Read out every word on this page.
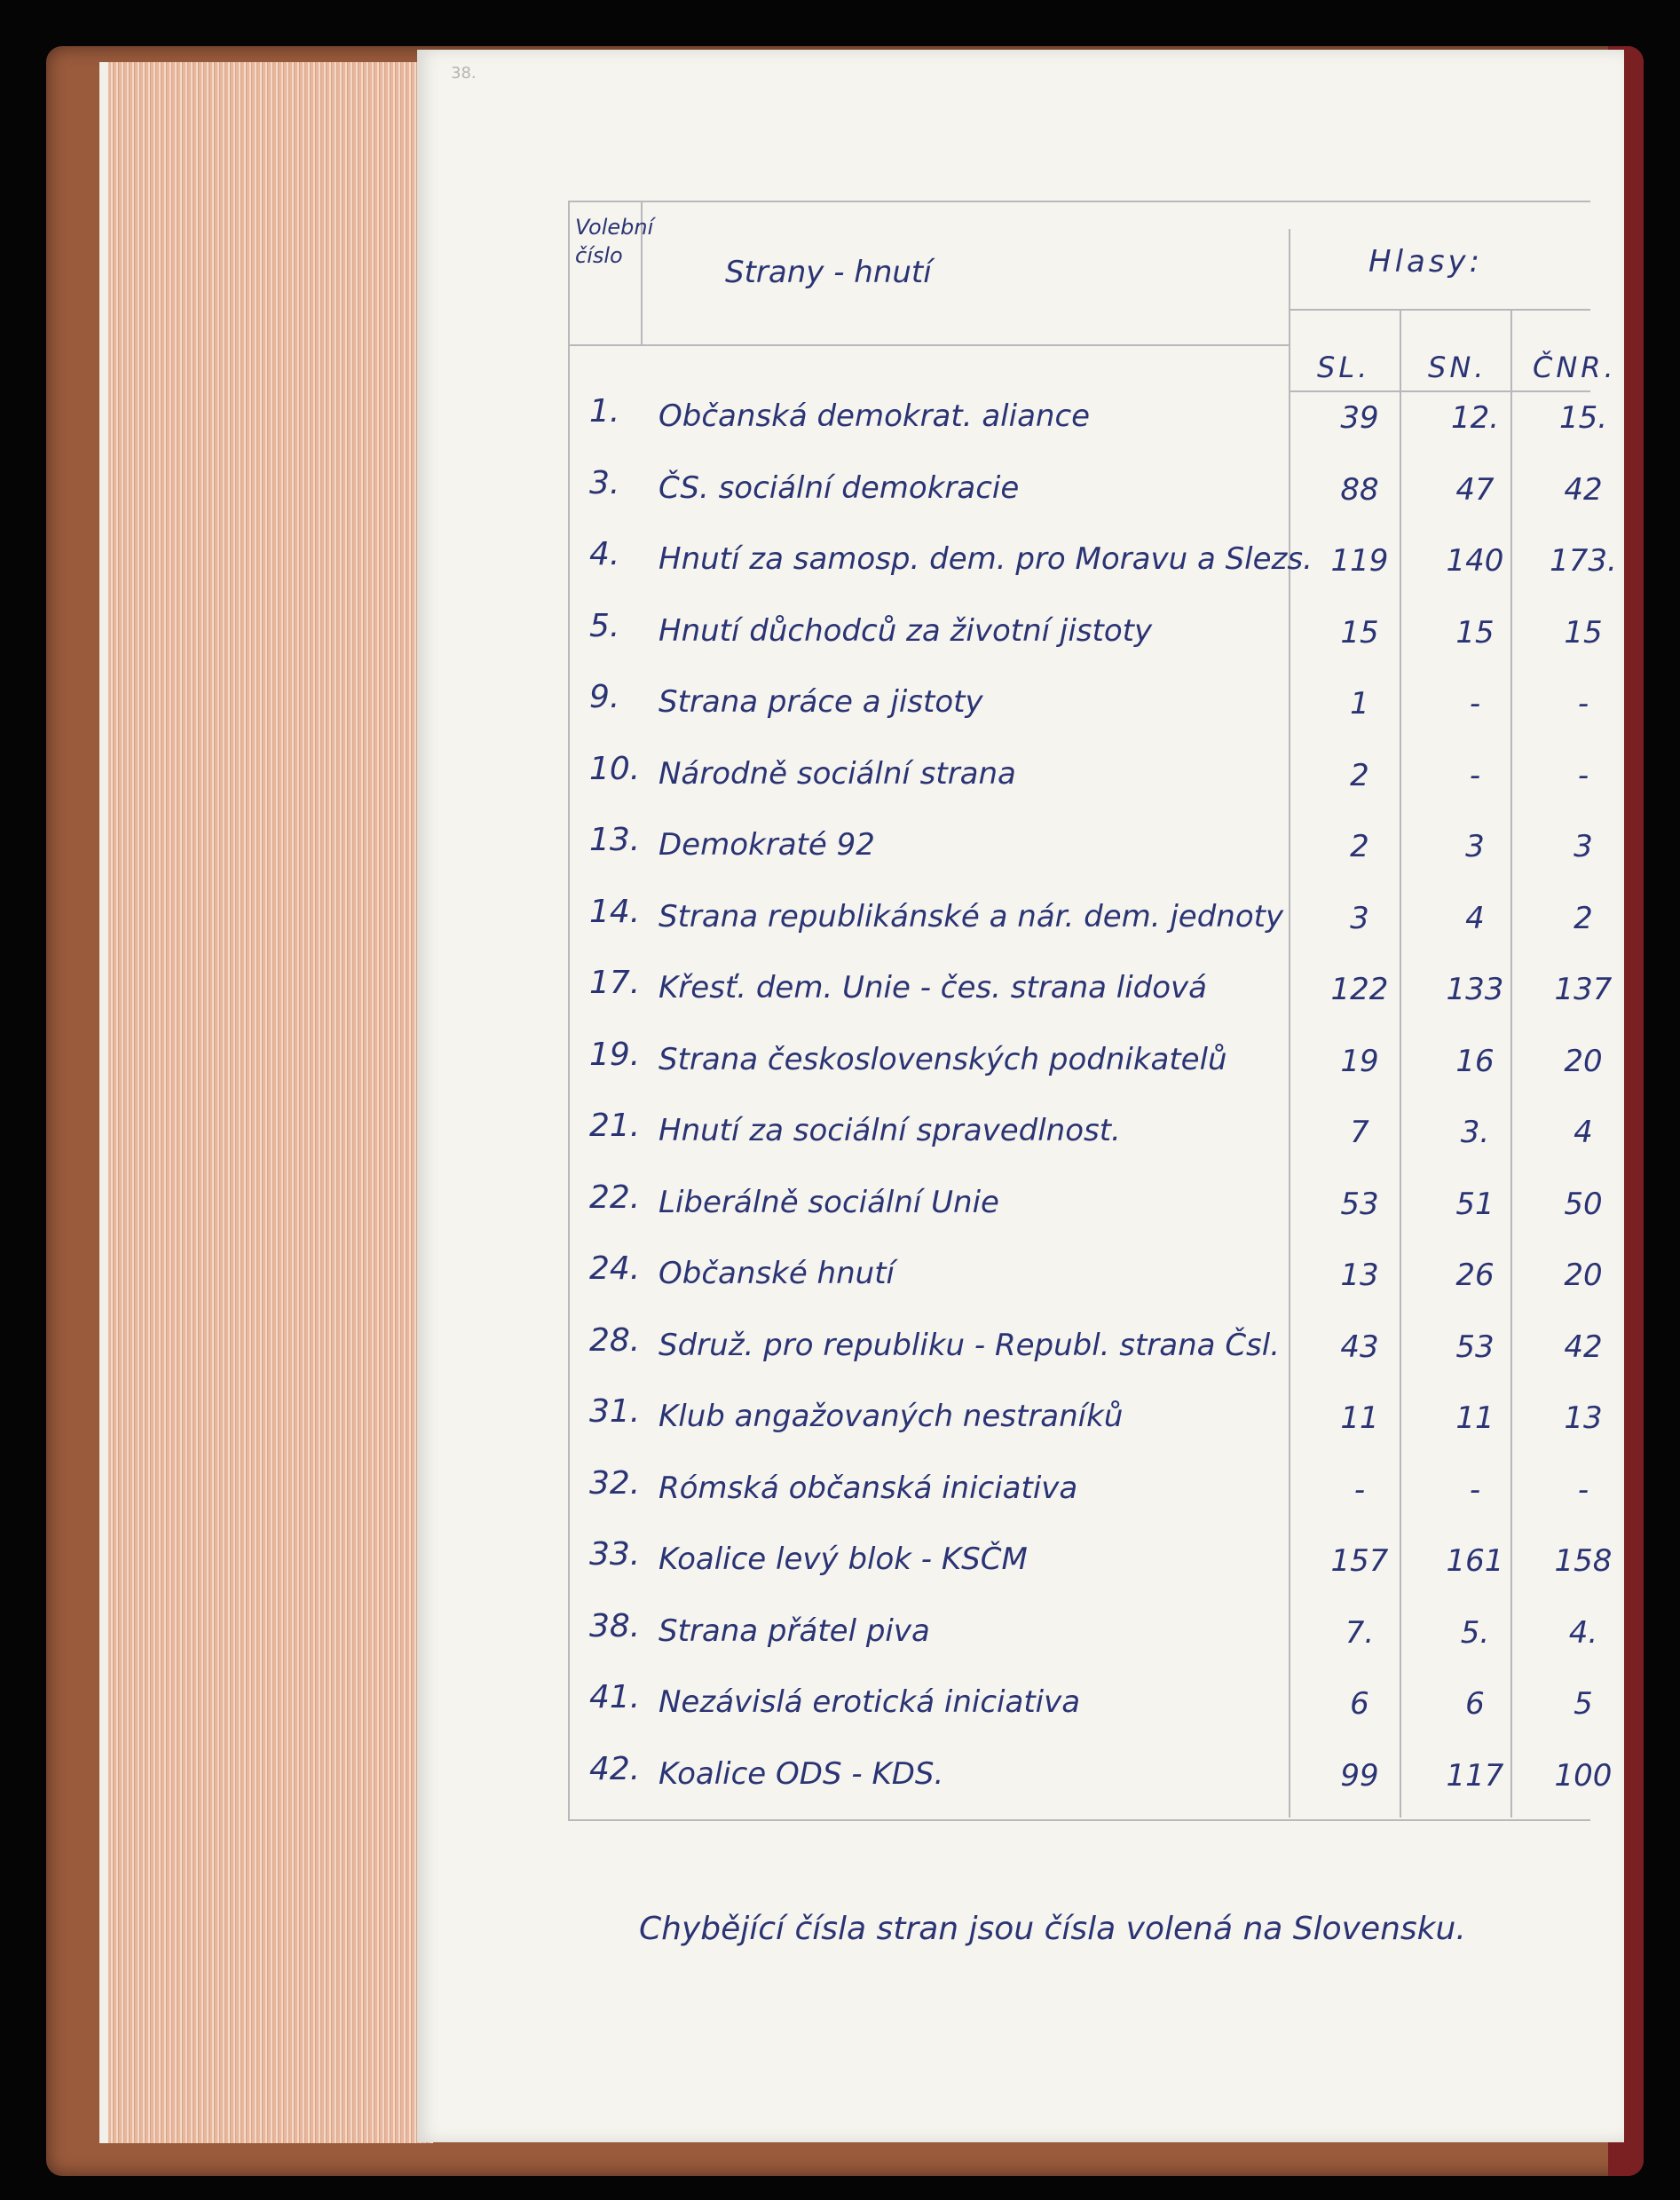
38.
Volební číslo	Strany - hnutí	Hlasy:
SL. SN. ČNR.
1. Občanská demokrat. aliance	39	12.	15.
3. ČS. sociální demokracie	88	47	42
4. Hnutí za samosp. dem. pro Moravu a Slezs. 119	140	173.
5. Hnutí důchodců za životní jistoty	15	15	15
9. Strana práce a jistoty	1	-	-
10. Národně sociální strana	2	-	-
13. Demokraté 92	2	3	3
14. Strana republikánské a nár. dem. jednoty	3	4	2
17. Křesť. dem. Unie - čes. strana lidová	122	133	137
19. Strana československých podnikatelů	19	16	20
21. Hnutí za sociální spravedlnost.	7	3.	4
22. Liberálně sociální Unie	53	51	50
24. Občanské hnutí	13	26	20
28. Sdruž. pro republiku - Republ. strana Čsl.	43	53	42
31. Klub angažovaných nestraníků	11	11	13
32. Rómská občanská iniciativa	-	-	-
33. Koalice levý blok - KSČM	157	161	158
38. Strana přátel piva	7.	5.	4.
41. Nezávislá erotická iniciativa	6	6	5
42. Koalice ODS - KDS.	99	117	100
Chybějící čísla stran jsou čísla volená na Slovensku.
